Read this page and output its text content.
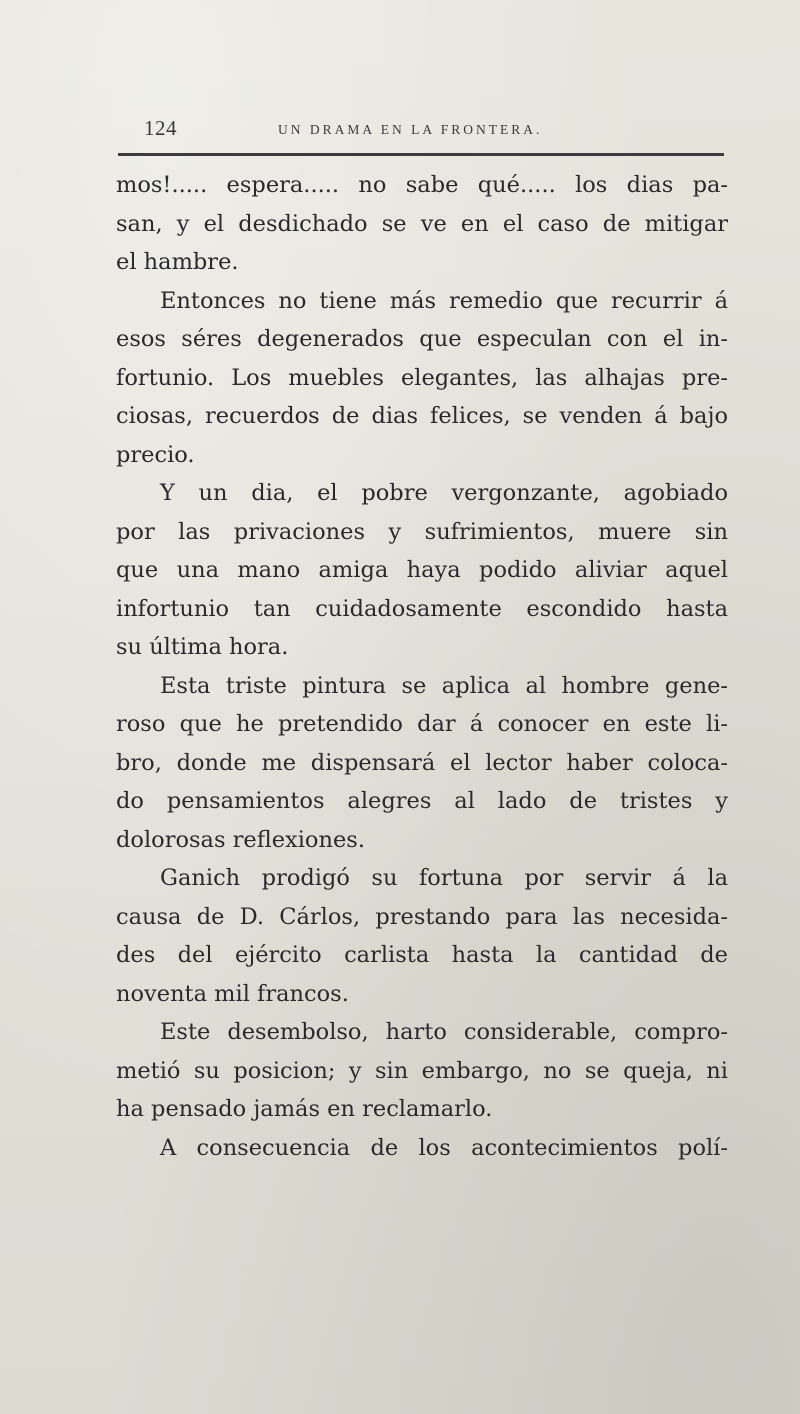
124	UN DRAMA EN LA FRONTERA.
mos!..... espera..... no sabe qué..... los dias pa-
san, y el desdichado se ve en el caso de mitigar
el hambre.
Entonces no tiene más remedio que recurrir á
esos séres degenerados que especulan con el in-
fortunio. Los muebles elegantes, las alhajas pre-
ciosas, recuerdos de dias felices, se venden á bajo
precio.
Y un dia, el pobre vergonzante, agobiado
por las privaciones y sufrimientos, muere sin
que una mano amiga haya podido aliviar aquel
infortunio tan cuidadosamente escondido hasta
su última hora.
Esta triste pintura se aplica al hombre gene-
roso que he pretendido dar á conocer en este li-
bro, donde me dispensará el lector haber coloca-
do pensamientos alegres al lado de tristes y
dolorosas reflexiones.
Ganich prodigó su fortuna por servir á la
causa de D. Cárlos, prestando para las necesida-
des del ejército carlista hasta la cantidad de
noventa mil francos.
Este desembolso, harto considerable, compro-
metió su posicion; y sin embargo, no se queja, ni
ha pensado jamás en reclamarlo.
A consecuencia de los acontecimientos polí-
